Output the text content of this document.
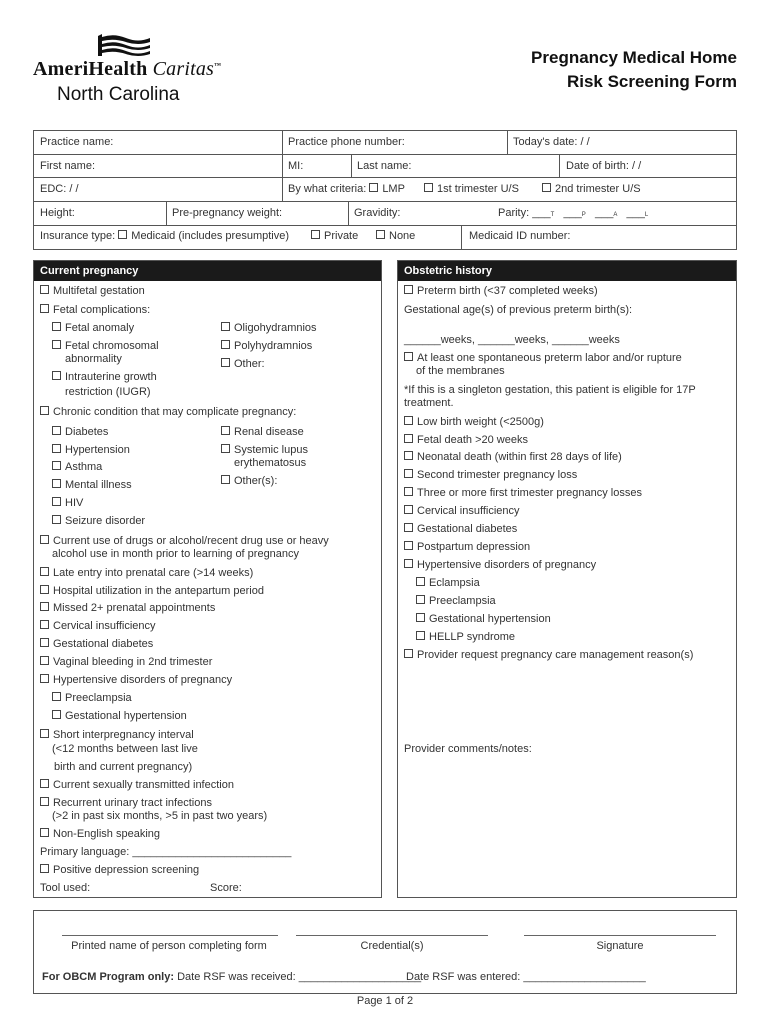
AmeriHealth Caritas™
North Carolina
Pregnancy Medical Home
Risk Screening Form
Practice name:	Practice phone number:	Today's date: / /
First name:	MI:	Last name:	Date of birth: / /
EDC: / /	By what criteria: LMP	1st trimester U/S	2nd trimester U/S
Height:	Pre-pregnancy weight:	Gravidity:	Parity: ___T ___P ___A ___L
Insurance type: Medicaid (includes presumptive)	Private	None	Medicaid ID number:
Current pregnancy
Multifetal gestation
Fetal complications:
Fetal anomaly
Fetal chromosomal
abnormality
Intrauterine growth
restriction (IUGR)
Oligohydramnios
Polyhydramnios
Other:
Chronic condition that may complicate pregnancy:
Diabetes
Hypertension
Asthma
Mental illness
HIV
Seizure disorder
Renal disease
Systemic lupus
erythematosus
Other(s):
Current use of drugs or alcohol/recent drug use or heavy
alcohol use in month prior to learning of pregnancy
Late entry into prenatal care (>14 weeks)
Hospital utilization in the antepartum period
Missed 2+ prenatal appointments
Cervical insufficiency
Gestational diabetes
Vaginal bleeding in 2nd trimester
Hypertensive disorders of pregnancy
Preeclampsia
Gestational hypertension
Short interpregnancy interval
(<12 months between last live
birth and current pregnancy)
Current sexually transmitted infection
Recurrent urinary tract infections
(>2 in past six months, >5 in past two years)
Non-English speaking
Primary language: __________________________
Positive depression screening
Tool used:	Score:
Obstetric history
Preterm birth (<37 completed weeks)
Gestational age(s) of previous preterm birth(s):
______weeks, ______weeks, ______weeks
At least one spontaneous preterm labor and/or rupture
of the membranes
*If this is a singleton gestation, this patient is eligible for 17P
treatment.
Low birth weight (<2500g)
Fetal death >20 weeks
Neonatal death (within first 28 days of life)
Second trimester pregnancy loss
Three or more first trimester pregnancy losses
Cervical insufficiency
Gestational diabetes
Postpartum depression
Hypertensive disorders of pregnancy
Eclampsia
Preeclampsia
Gestational hypertension
HELLP syndrome
Provider request pregnancy care management reason(s)
Provider comments/notes:
Printed name of person completing form	Credential(s)	Signature
For OBCM Program only: Date RSF was received: ____________________
Date RSF was entered: ____________________
Page 1 of 2
